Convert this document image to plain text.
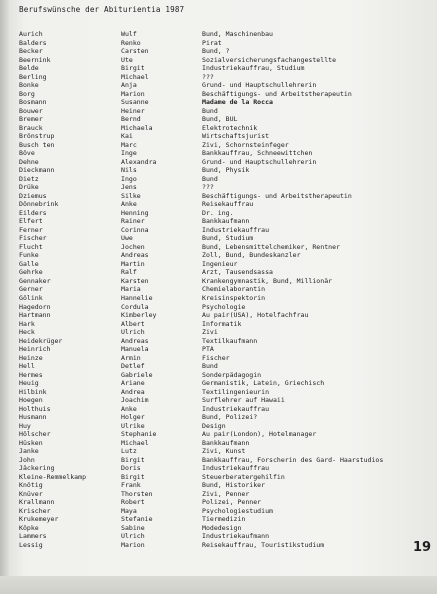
Berufswünsche der Abiturientia 1987
Aurich	Wulf	Bund, Maschinenbau
Balders	Renko	Pirat
Becker	Carsten	Bund, ?
Beernink	Ute	Sozialversicherungsfachangestellte
Belde	Birgit	Industriekauffrau, Studium
Berling	Michael	???
Bonke	Anja	Grund- und Hauptschullehrerin
Borg	Marion	Beschäftigungs- und Arbeitstherapeutin
Bosmann	Susanne	Madame de la Rocca
Bouwer	Heiner	Bund
Bremer	Bernd	Bund, BUL
Brauck	Michaela	Elektrotechnik
Brönstrup	Kai	Wirtschaftsjurist
Busch ten	Marc	Zivi, Schornsteinfeger
Böve	Inge	Bankkauffrau, Schneewittchen
Dehne	Alexandra	Grund- und Hauptschullehrerin
Dieckmann	Nils	Bund, Physik
Dietz	Ingo	Bund
Drüke	Jens	???
Dziemus	Silke	Beschäftigungs- und Arbeitstherapeutin
Dönnebrink	Anke	Reisekauffrau
Eilders	Henning	Dr. ing.
Elfert	Rainer	Bankkaufmann
Ferner	Corinna	Industriekauffrau
Fischer	Uwe	Bund, Studium
Flucht	Jochen	Bund, Lebensmittelchemiker, Rentner
Funke	Andreas	Zoll, Bund, Bundeskanzler
Galle	Martin	Ingenieur
Gehrke	Ralf	Arzt, Tausendsassa
Gennaker	Karsten	Krankengymnastik, Bund, Millionär
Gerner	Maria	Chemielaborantin
Gölink	Hannelie	Kreisinspektorin
Hagedorn	Cordula	Psychologie
Hartmann	Kimberley	Au pair(USA), Hotelfachfrau
Hark	Albert	Informatik
Heck	Ulrich	Zivi
Heidekrüger	Andreas	Textilkaufmann
Heinrich	Manuela	PTA
Heinze	Armin	Fischer
Hell	Detlef	Bund
Hermes	Gabriele	Sonderpädagogin
Heuig	Ariane	Germanistik, Latein, Griechisch
Hilbink	Andrea	Textilingenieurin
Hoegen	Joachim	Surflehrer auf Hawaii
Holthuis	Anke	Industriekauffrau
Husmann	Holger	Bund, Polizei?
Huy	Ulrike	Design
Hölscher	Stephanie	Au pair(London), Hotelmanager
Hüsken	Michael	Bankkaufmann
Janke	Lutz	Zivi, Kunst
John	Birgit	Bankkauffrau, Forscherin des Gard- Haarstudios
Jäckering	Doris	Industriekauffrau
Kleine-Remmelkamp	Birgit	Steuerberatergehilfin
Knötig	Frank	Bund, Historiker
Knüver	Thorsten	Zivi, Penner
Krallmann	Robert	Polizei, Penner
Krischer	Maya	Psychologiestudium
Krukemeyer	Stefanie	Tiermedizin
Köpke	Sabine	Modedesign
Lammers	Ulrich	Industriekaufmann
Lessig	Marion	Reisekauffrau, Touristikstudium	19
